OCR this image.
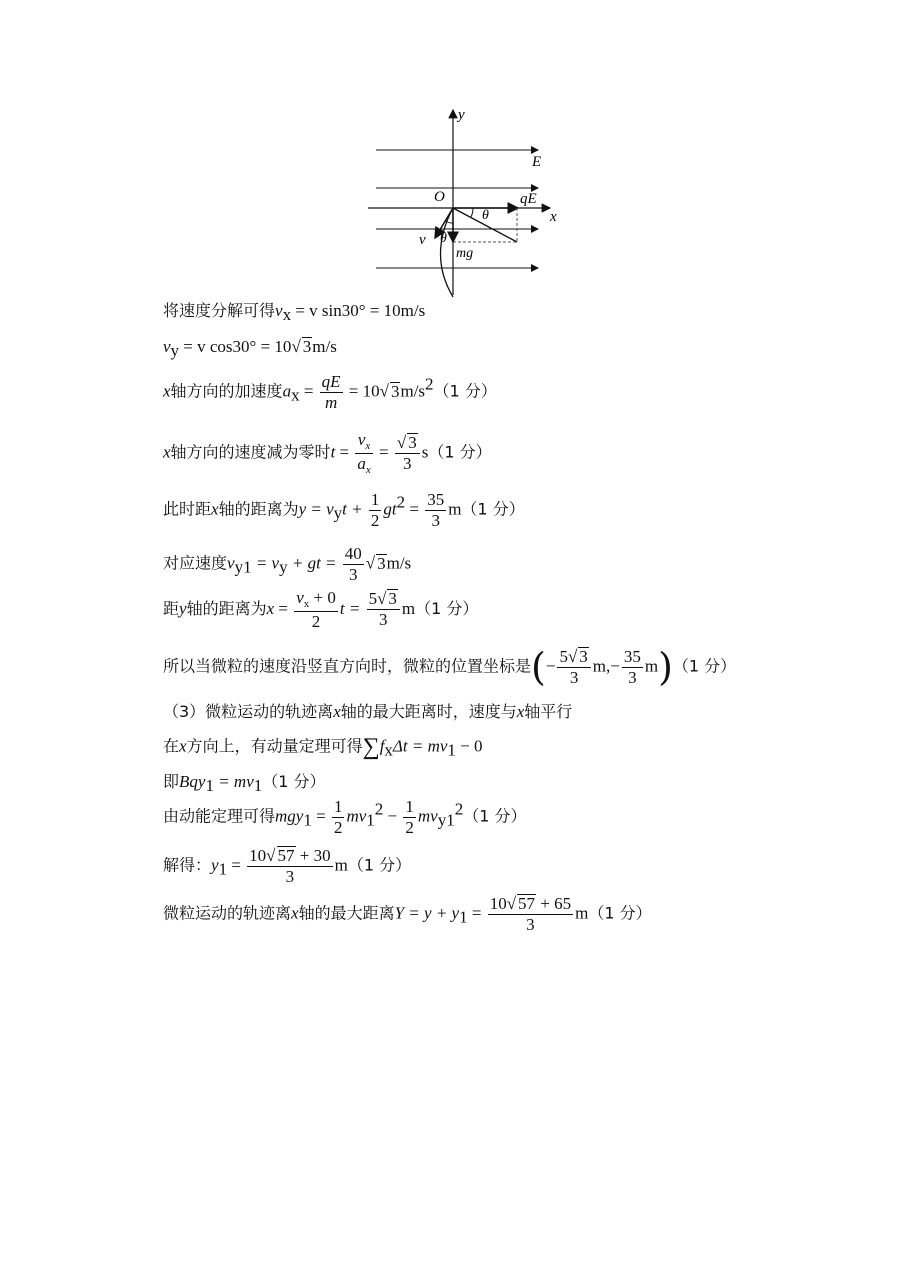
y
x
E
O	qE
θ
θ
v
mg
将速度分解可得$v_x = v$ sin30° = 10m/s
$v_y = v$ cos30° = 10√ 3m/s
x轴方向的加速度$a_x = \frac{qE}{m} = 10√$ $3m/s^2(1$ 分）
x轴方向的速度减为零时$t = \frac{v_x}{a_x} = \frac{√ 3}{3} s(1$ 分）
此时距x轴的距离为$y = v_yt + \frac{1}{2} gt^2 = \frac{35}{3} m(1$ 分）
对应速度$v_{y1} = v_y$ + gt = $\frac{40}{3}$ √ 3m/s
距y轴的距离为$x = \frac{v_x + 0}{2}$ $t = \frac{5√ 3}{3} m(1$ 分）
所以当微粒的速度沿竖直方向时，微粒的位置坐标是(− $\frac{5√ 3}{3} m,- \frac{35}{3} m)(1$ 分）
（3）微粒运动的轨迹离x轴的最大距离时，速度与x轴平行
在x方向上，有动量定理可得$\sum f_x\Delta t = mv_1 - 0$
即$Bqy_1 = mv_1(1$ 分）
由动能定理可得$mgy_1 = \frac{1}{2} mv_1^2 - \frac{1}{2} mv_{y1}^2(1$ 分）
解得：$y_1 = \frac{10√ 57 + 30}{3} m(1$ 分）
微粒运动的轨迹离x轴的最大距离$Y = y + y_1 = \frac{10√ 57 + 65}{3} m(1$ 分）
